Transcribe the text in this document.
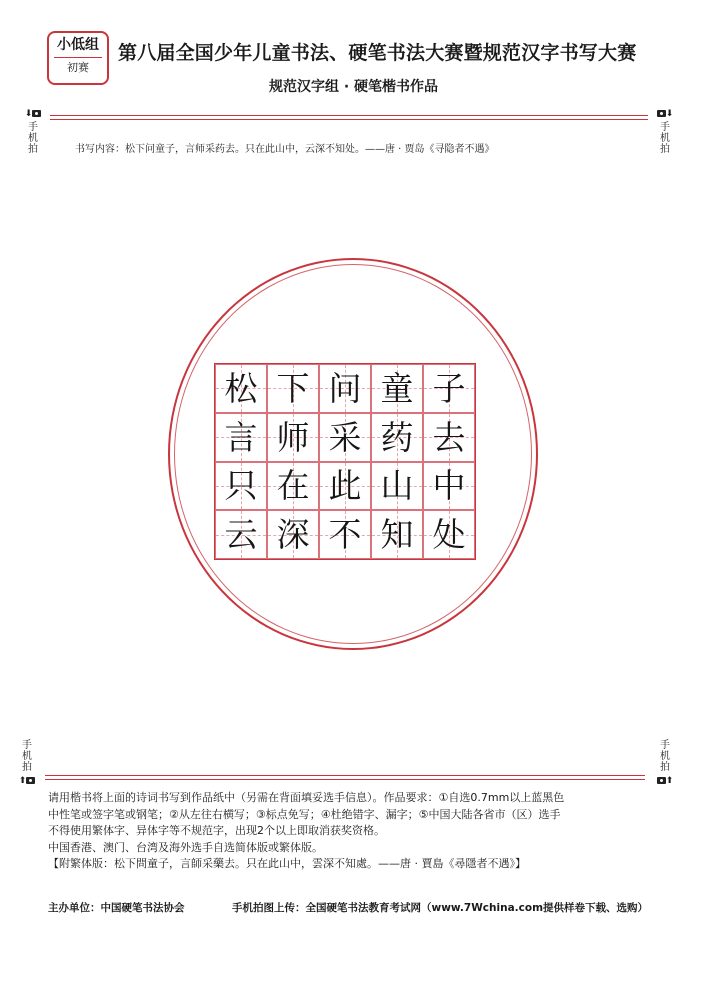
小低组
初赛
第八届全国少年儿童书法、硬笔书法大赛暨规范汉字书写大赛
规范汉字组 · 硬笔楷书作品
⬇
手机拍
⬇
手机拍
书写内容：松下问童子，言师采药去。只在此山中，云深不知处。——唐 · 贾岛《寻隐者不遇》
松 下 问 童 子
言 师 采 药 去
只 在 此 山 中
云 深 不 知 处
手机拍
⬆
手机拍
⬆

请用楷书将上面的诗词书写到作品纸中（另需在背面填妥选手信息）。作品要求：①自选0.7mm以上蓝黑色

中性笔或签字笔或钢笔；②从左往右横写；③标点免写；④杜绝错字、漏字；⑤中国大陆各省市（区）选手

不得使用繁体字、异体字等不规范字，出现2个以上即取消获奖资格。

中国香港、澳门、台湾及海外选手自选简体版或繁体版。

【附繁体版：松下問童子，言師采藥去。只在此山中，雲深不知處。——唐 · 賈島《尋隱者不遇》】

主办单位：中国硬笔书法协会	手机拍图上传：全国硬笔书法教育考试网（www.7Wchina.com提供样卷下载、选购）
